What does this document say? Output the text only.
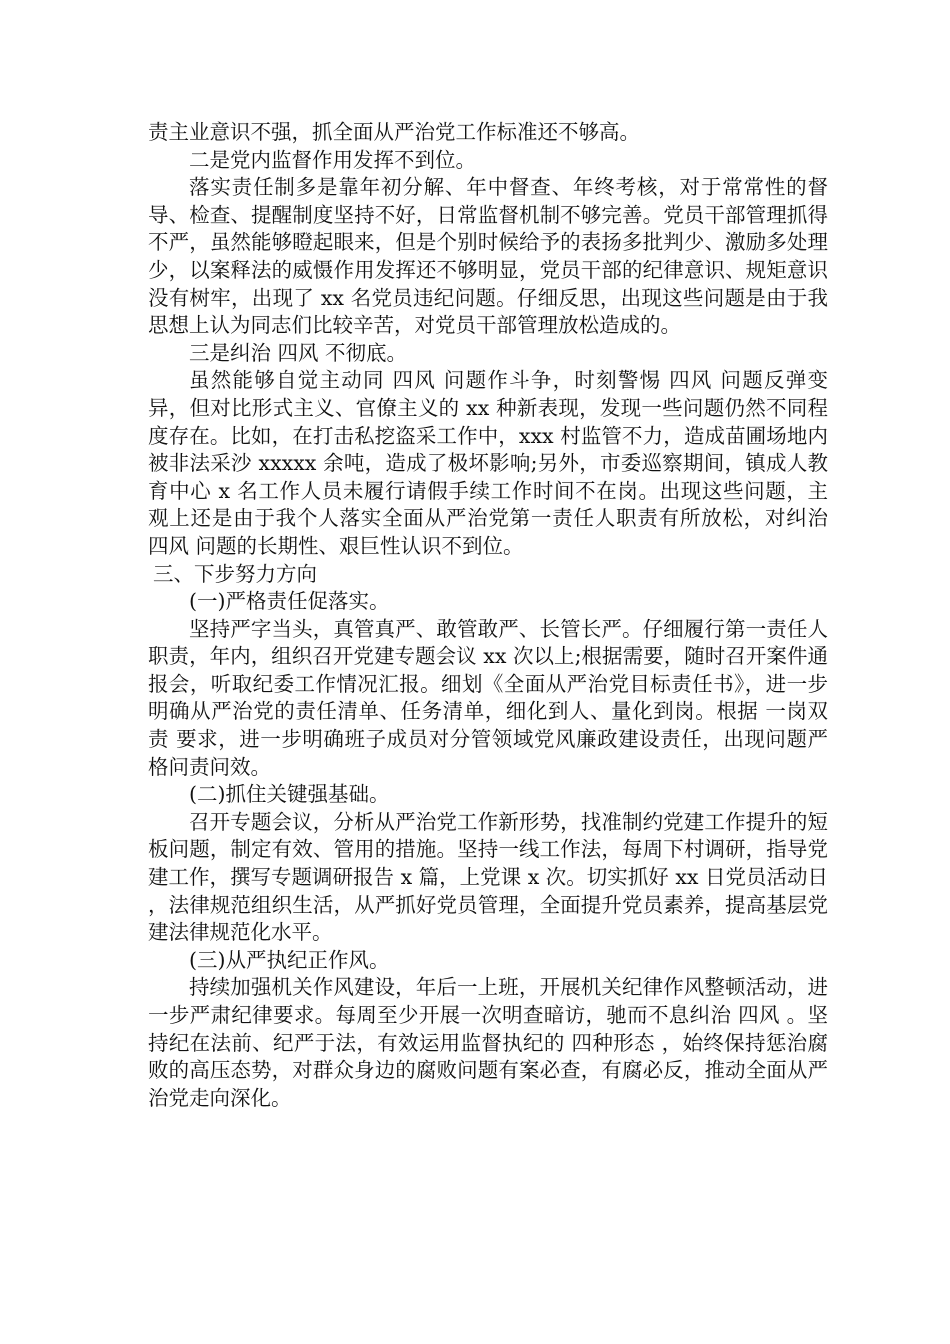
责主业意识不强，抓全面从严治党工作标准还不够高。

二是党内监督作用发挥不到位。

落实责任制多是靠年初分解、年中督查、年终考核，对于常常性的督导、检查、提醒制度坚持不好，日常监督机制不够完善。党员干部管理抓得不严，虽然能够瞪起眼来，但是个别时候给予的表扬多批判少、激励多处理少，以案释法的威慑作用发挥还不够明显，党员干部的纪律意识、规矩意识没有树牢，出现了 xx 名党员违纪问题。仔细反思，出现这些问题是由于我思想上认为同志们比较辛苦，对党员干部管理放松造成的。

三是纠治 四风 不彻底。

虽然能够自觉主动同 四风 问题作斗争，时刻警惕 四风 问题反弹变异，但对比形式主义、官僚主义的 xx 种新表现，发现一些问题仍然不同程度存在。比如，在打击私挖盗采工作中，xxx 村监管不力，造成苗圃场地内被非法采沙 xxxxx 余吨，造成了极坏影响;另外，市委巡察期间，镇成人教育中心 x 名工作人员未履行请假手续工作时间不在岗。出现这些问题，主观上还是由于我个人落实全面从严治党第一责任人职责有所放松，对纠治 四风 问题的长期性、艰巨性认识不到位。

三、下步努力方向

(一)严格责任促落实。

坚持严字当头，真管真严、敢管敢严、长管长严。仔细履行第一责任人职责，年内，组织召开党建专题会议 xx 次以上;根据需要，随时召开案件通报会，听取纪委工作情况汇报。细划《全面从严治党目标责任书》，进一步明确从严治党的责任清单、任务清单，细化到人、量化到岗。根据 一岗双责 要求，进一步明确班子成员对分管领域党风廉政建设责任，出现问题严格问责问效。

(二)抓住关键强基础。

召开专题会议，分析从严治党工作新形势，找准制约党建工作提升的短板问题，制定有效、管用的措施。坚持一线工作法，每周下村调研，指导党建工作，撰写专题调研报告 x 篇，上党课 x 次。切实抓好 xx 日党员活动日 ，法律规范组织生活，从严抓好党员管理，全面提升党员素养，提高基层党建法律规范化水平。

(三)从严执纪正作风。

持续加强机关作风建设，年后一上班，开展机关纪律作风整顿活动，进一步严肃纪律要求。每周至少开展一次明查暗访，驰而不息纠治 四风 。坚持纪在法前、纪严于法，有效运用监督执纪的 四种形态 ，始终保持惩治腐败的高压态势，对群众身边的腐败问题有案必查，有腐必反，推动全面从严治党走向深化。
